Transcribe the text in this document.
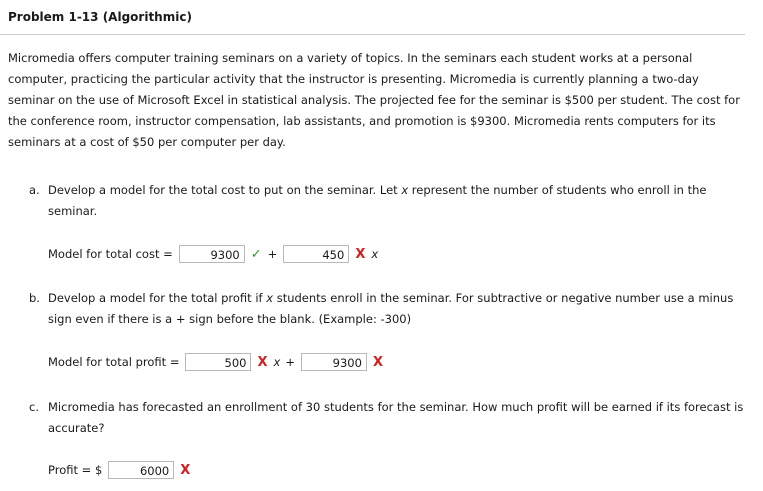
Problem 1-13 (Algorithmic)

Micromedia offers computer training seminars on a variety of topics. In the seminars each student works at a personal computer, practicing the particular activity that the instructor is presenting. Micromedia is currently planning a two-day seminar on the use of Microsoft Excel in statistical analysis. The projected fee for the seminar is $500 per student. The cost for the conference room, instructor compensation, lab assistants, and promotion is $9300. Micromedia rents computers for its seminars at a cost of $50 per computer per day.

a. Develop a model for the total cost to put on the seminar. Let x represent the number of students who enroll in the seminar.
Model for total cost =	9300 ✓ +	450 X x
b. Develop a model for the total profit if x students enroll in the seminar. For subtractive or negative number use a minus sign even if there is a + sign before the blank. (Example: -300)
Model for total profit =	500 X x +	9300 X
c. Micromedia has forecasted an enrollment of 30 students for the seminar. How much profit will be earned if its forecast is accurate?
Profit = $	6000 X
